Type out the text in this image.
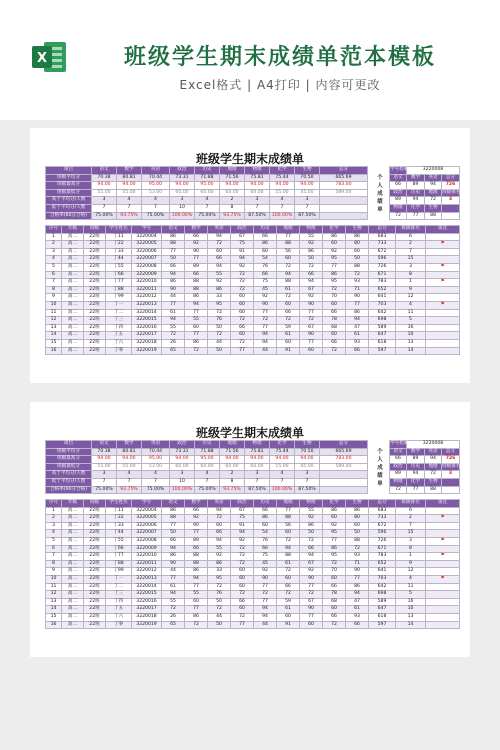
X	班级学生期末成绩单范本模板
Excel格式 | A4打印 | 内容可更改
班级学生期末成绩单
项目	语文	数学	英语	政治	历史	地理	物理	化学	生物	总分
班级平均分	70.38	80.81	70.44	73.31	71.88	71.56	75.81	75.44	70.50	665.69
班级最高分	94.00	94.00	95.00	94.00	95.00	94.00	94.00	94.00	94.00	783.00
班级最低分	55.00	55.00	53.00	60.00	60.00	60.00	60.00	55.00	45.00	589.00
高于平均分/人数	3	4	4	3	4	2	3	4	3	
低于平均分/人数	7	7	7	10	7	8	7	7	7	
合格率(60分合格)	75.00%	93.75%	75.00%	100.00%	75.00%	93.75%	87.50%	100.00%	87.50%	
个
人
成
绩
单
学号检索	3220008		
语文	数学	英语	总分
66	89	94	726
政治	历史	地理	班级排名
89	94	72	3
物理	化学	生物	
72	77	88	
序号	年级	班级	学生姓名	学号	语文	数学	英语	政治	历史	地理	物理	化学	生物	总分	班级排名	备注
1	高二	22班	丁11	3220004	86	66	94	67	66	77	55	86	86	683	6	
2	高二	22班	丁22	3220005	88	92	72	75	86	88	92	60	80	733	2	⚑
3	高二	22班	丁33	3220006	77	90	60	91	60	56	86	92	60	672	7	
4	高二	22班	丁44	3220007	50	77	66	94	54	60	50	95	50	596	15	
5	高二	22班	丁55	3220008	66	89	94	92	76	72	72	77	88	726	3	⚑
6	高二	22班	丁66	3220009	94	66	55	72	66	94	66	86	72	671	8	
7	高二	22班	丁77	3220010	86	88	92	72	75	88	94	95	93	783	1	⚑
8	高二	22班	丁88	3220011	90	88	86	72	45	61	67	72	71	652	9	
9	高二	22班	丁99	3220012	44	86	33	60	92	72	92	70	90	641	12	
10	高二	22班	丁一	3220013	77	94	95	60	90	60	90	60	77	703	4	⚑
11	高二	22班	丁二	3220014	61	77	72	60	77	66	77	66	86	642	11	
12	高二	22班	丁三	3220015	94	55	76	72	72	72	72	78	94	698	5	
13	高二	22班	丁四	3220016	55	60	50	66	77	59	67	68	47	589	16	
14	高二	22班	丁五	3220017	72	77	72	60	94	61	90	60	61	647	10	
15	高二	22班	丁六	3220018	26	86	44	72	94	60	77	66	93	618	13	
16	高二	22班	丁零	3220019	65	72	50	77	44	91	60	72	66	597	14	
班级学生期末成绩单
项目	语文	数学	英语	政治	历史	地理	物理	化学	生物	总分
班级平均分	70.38	80.81	70.44	73.31	71.88	71.56	75.81	75.44	70.50	665.69
班级最高分	94.00	94.00	95.00	94.00	95.00	94.00	94.00	94.00	94.00	783.00
班级最低分	55.00	55.00	53.00	60.00	60.00	60.00	60.00	55.00	45.00	589.00
高于平均分/人数	3	4	4	3	4	2	3	4	3	
低于平均分/人数	7	7	7	10	7	8	7	7	7	
合格率(60分合格)	75.00%	93.75%	75.00%	100.00%	75.00%	93.75%	87.50%	100.00%	87.50%	
个
人
成
绩
单
学号检索	3220008		
语文	数学	英语	总分
66	89	94	726
政治	历史	地理	班级排名
89	94	72	3
物理	化学	生物	
72	77	88	
序号	年级	班级	学生姓名	学号	语文	数学	英语	政治	历史	地理	物理	化学	生物	总分	班级排名	备注
1	高二	22班	丁11	3220004	86	66	94	67	66	77	55	86	86	683	6	
2	高二	22班	丁22	3220005	88	92	72	75	86	88	92	60	80	733	2	⚑
3	高二	22班	丁33	3220006	77	90	60	91	60	56	86	92	60	672	7	
4	高二	22班	丁44	3220007	50	77	66	94	54	60	50	95	50	596	15	
5	高二	22班	丁55	3220008	66	89	94	92	76	72	72	77	88	726	3	⚑
6	高二	22班	丁66	3220009	94	66	55	72	66	94	66	86	72	671	8	
7	高二	22班	丁77	3220010	86	88	92	72	75	88	94	95	93	783	1	⚑
8	高二	22班	丁88	3220011	90	88	86	72	45	61	67	72	71	652	9	
9	高二	22班	丁99	3220012	44	86	33	60	92	72	92	70	90	641	12	
10	高二	22班	丁一	3220013	77	94	95	60	90	60	90	60	77	703	4	⚑
11	高二	22班	丁二	3220014	61	77	72	60	77	66	77	66	86	642	11	
12	高二	22班	丁三	3220015	94	55	76	72	72	72	72	78	94	698	5	
13	高二	22班	丁四	3220016	55	60	50	66	77	59	67	68	47	589	16	
14	高二	22班	丁五	3220017	72	77	72	60	94	61	90	60	61	647	10	
15	高二	22班	丁六	3220018	26	86	44	72	94	60	77	66	93	618	13	
16	高二	22班	丁零	3220019	65	72	50	77	44	91	60	72	66	597	14	
